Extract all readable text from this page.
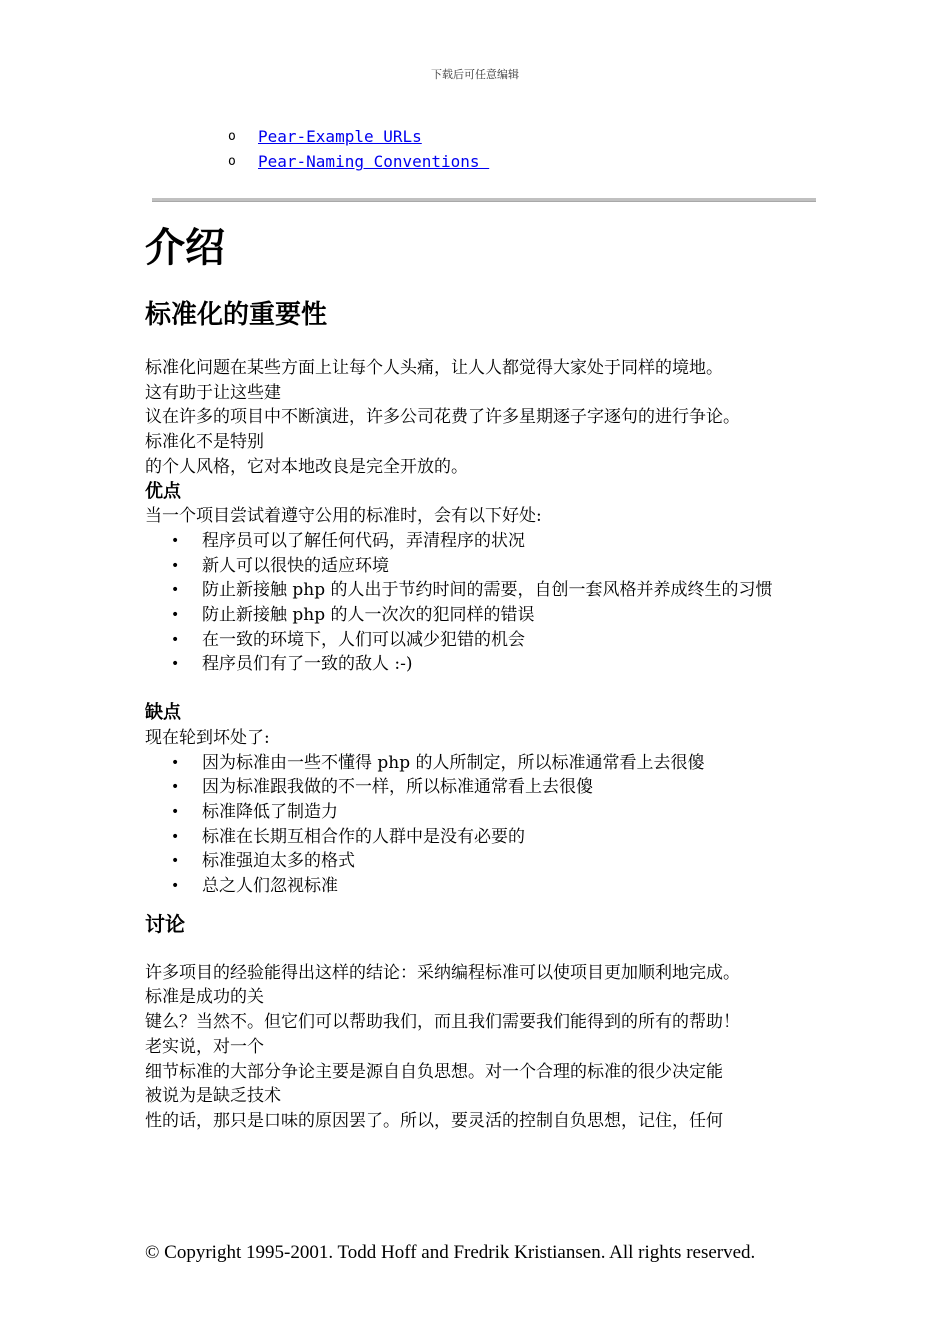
下载后可任意编辑
o	Pear-Example URLs
o	Pear-Naming Conventions
介绍
标准化的重要性

标准化问题在某些方面上让每个人头痛，让人人都觉得大家处于同样的境地。

这有助于让这些建

议在许多的项目中不断演进，许多公司花费了许多星期逐子字逐句的进行争论。

标准化不是特别

的个人风格，它对本地改良是完全开放的。

优点

当一个项目尝试着遵守公用的标准时，会有以下好处:

• 程序员可以了解任何代码，弄清程序的状况
• 新人可以很快的适应环境
• 防止新接触 php 的人出于节约时间的需要，自创一套风格并养成终生的习惯
• 防止新接触 php 的人一次次的犯同样的错误
• 在一致的环境下，人们可以减少犯错的机会
• 程序员们有了一致的敌人 :-)

缺点

现在轮到坏处了:

• 因为标准由一些不懂得 php 的人所制定，所以标准通常看上去很傻
• 因为标准跟我做的不一样，所以标准通常看上去很傻
• 标准降低了制造力
• 标准在长期互相合作的人群中是没有必要的
• 标准强迫太多的格式
• 总之人们忽视标准

讨论

许多项目的经验能得出这样的结论：采纳编程标准可以使项目更加顺利地完成。

标准是成功的关

键么？当然不。但它们可以帮助我们，而且我们需要我们能得到的所有的帮助！

老实说，对一个

细节标准的大部分争论主要是源自自负思想。对一个合理的标准的很少决定能

被说为是缺乏技术

性的话，那只是口味的原因罢了。所以，要灵活的控制自负思想，记住，任何

© Copyright 1995-2001. Todd Hoff and Fredrik Kristiansen. All rights reserved.
